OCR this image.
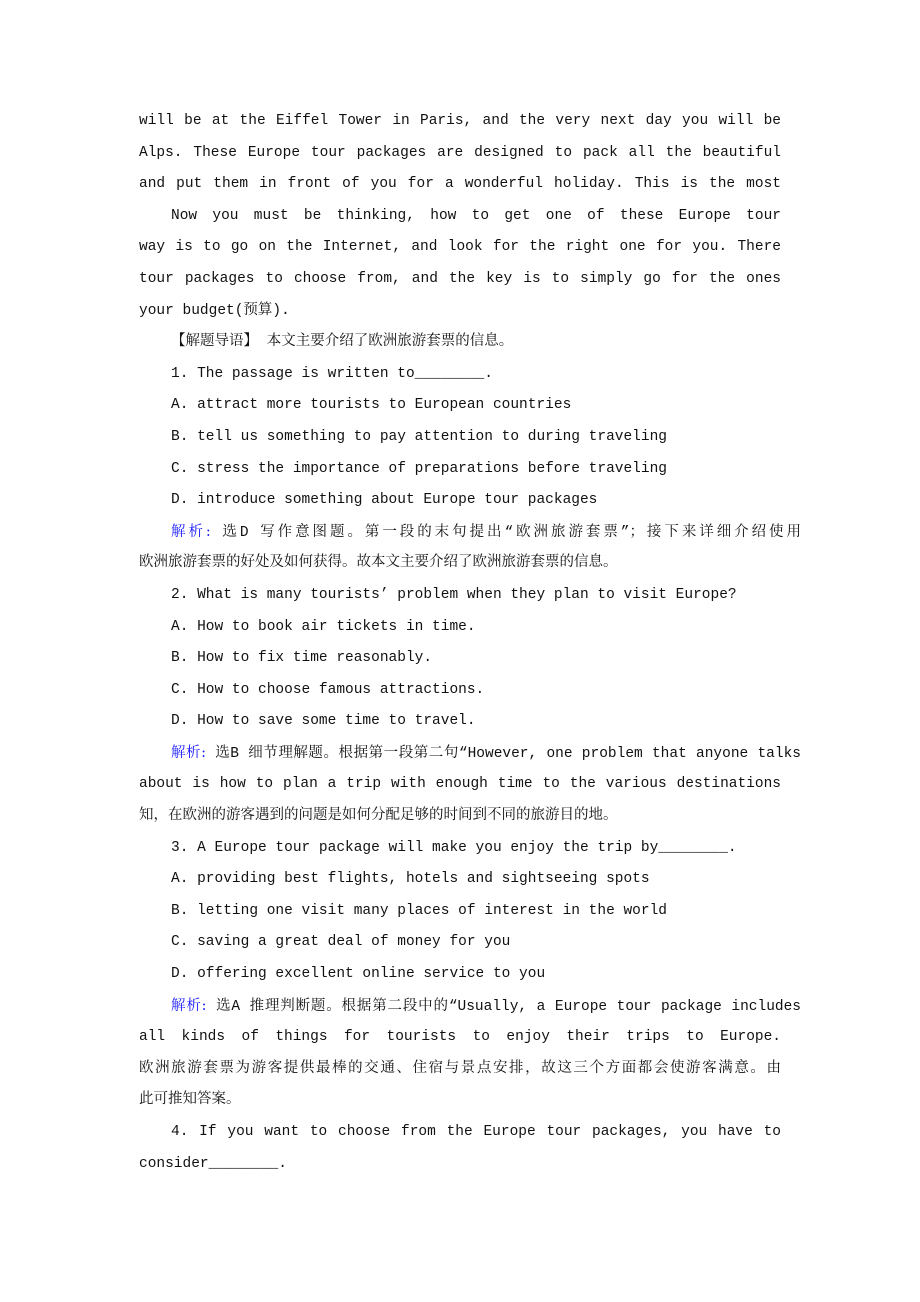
will be at the Eiffel Tower in Paris, and the very next day you will be
Alps. These Europe tour packages are designed to pack all the beautiful
and put them in front of you for a wonderful holiday. This is the most
Now you must be thinking, how to get one of these Europe tour
way is to go on the Internet, and look for the right one for you. There
tour packages to choose from, and the key is to simply go for the ones
your budget(预算).
【解题导语】 本文主要介绍了欧洲旅游套票的信息。
1. The passage is written to________.
A. attract more tourists to European countries
B. tell us something to pay attention to during traveling
C. stress the importance of preparations before traveling
D. introduce something about Europe tour packages
解析: 选D 写作意图题。第一段的末句提出“欧洲旅游套票”；接下来详细介绍使用
欧洲旅游套票的好处及如何获得。故本文主要介绍了欧洲旅游套票的信息。
2. What is many tourists’ problem when they plan to visit Europe?
A. How to book air tickets in time.
B. How to fix time reasonably.
C. How to choose famous attractions.
D. How to save some time to travel.
解析: 选B 细节理解题。根据第一段第二句“However, one problem that anyone talks
about is how to plan a trip with enough time to the various destinations
知，在欧洲的游客遇到的问题是如何分配足够的时间到不同的旅游目的地。
3. A Europe tour package will make you enjoy the trip by________.
A. providing best flights, hotels and sightseeing spots
B. letting one visit many places of interest in the world
C. saving a great deal of money for you
D. offering excellent online service to you
解析: 选A 推理判断题。根据第二段中的“Usually, a Europe tour package includes
all kinds of things for tourists to enjoy their trips to Europe.
欧洲旅游套票为游客提供最棒的交通、住宿与景点安排，故这三个方面都会使游客满意。由
此可推知答案。
4. If you want to choose from the Europe tour packages, you have to
consider________.
